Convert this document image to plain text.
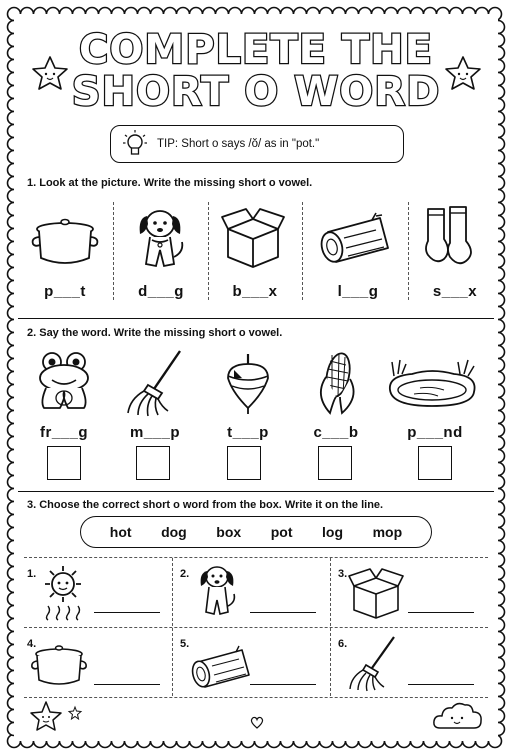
COMPLETE THE
SHORT O WORD
TIP: Short o says /ŏ/ as in "pot."
1. Look at the picture. Write the missing short o vowel.
p___t	d___g	b___x	l___g	s___x
2. Say the word. Write the missing short o vowel.
fr___g	m___p	t___p	c___b	p___nd
3. Choose the correct short o word from the box. Write it on the line.
hot dog box pot log mop
1.	2.	3.
4.	5.	6.
